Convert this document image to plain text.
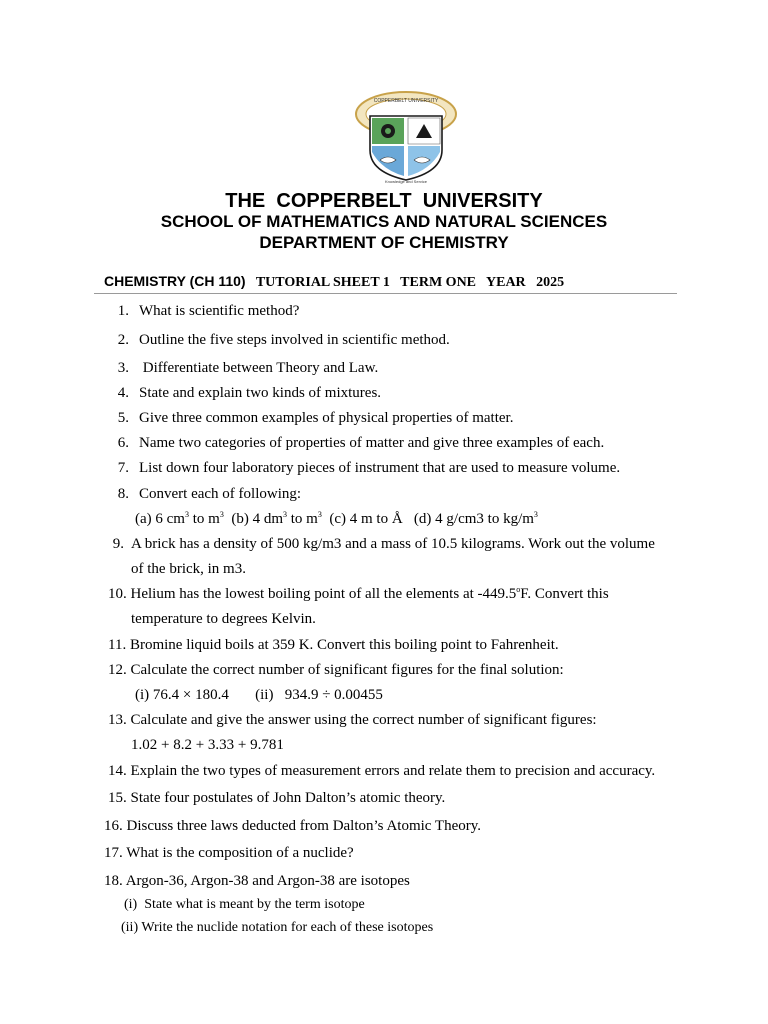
COPPERBELT UNIVERSITY
Knowledge and Service
THE  COPPERBELT  UNIVERSITY
SCHOOL OF MATHEMATICS AND NATURAL SCIENCES
DEPARTMENT OF CHEMISTRY
CHEMISTRY (CH 110)   TUTORIAL SHEET 1   TERM ONE   YEAR   2025
1. What is scientific method?
2. Outline the five steps involved in scientific method.
3. Differentiate between Theory and Law.
4. State and explain two kinds of mixtures.
5. Give three common examples of physical properties of matter.
6. Name two categories of properties of matter and give three examples of each.
7. List down four laboratory pieces of instrument that are used to measure volume.
8. Convert each of following:
(a) 6 $cm^3$ to $m^3$  (b) 4 $dm^3$ to $m^3$  (c) 4 m to Å   (d) 4 g/cm3 to $kg/m^3$
9. A brick has a density of 500 kg/m3 and a mass of 10.5 kilograms. Work out the volume
of the brick, in m3.
10. Helium has the lowest boiling point of all the elements at -449.5$^o$F. Convert this
temperature to degrees Kelvin.
11. Bromine liquid boils at 359 K. Convert this boiling point to Fahrenheit.
12. Calculate the correct number of significant figures for the final solution:
(i) 76.4 × 180.4       (ii)   934.9 ÷ 0.00455
13. Calculate and give the answer using the correct number of significant figures:
1.02 + 8.2 + 3.33 + 9.781
14. Explain the two types of measurement errors and relate them to precision and accuracy.
15. State four postulates of John Dalton’s atomic theory.
16. Discuss three laws deducted from Dalton’s Atomic Theory.
17. What is the composition of a nuclide?
18. Argon-36, Argon-38 and Argon-38 are isotopes
(i) State what is meant by the term isotope
(ii) Write the nuclide notation for each of these isotopes
